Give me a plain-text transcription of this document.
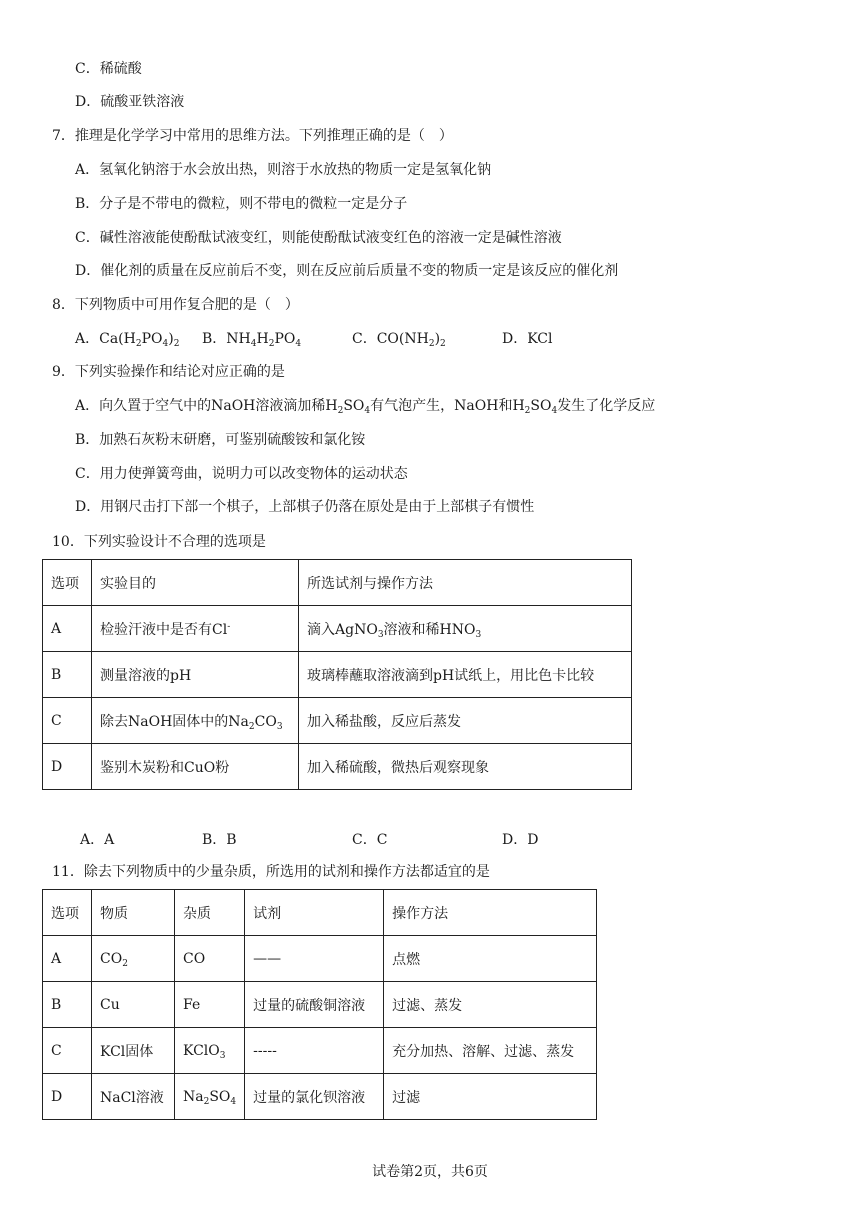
C．稀硫酸
D．硫酸亚铁溶液
7．推理是化学学习中常用的思维方法。下列推理正确的是（　）
A．氢氧化钠溶于水会放出热，则溶于水放热的物质一定是氢氧化钠
B．分子是不带电的微粒，则不带电的微粒一定是分子
C．碱性溶液能使酚酞试液变红，则能使酚酞试液变红色的溶液一定是碱性溶液
D．催化剂的质量在反应前后不变，则在反应前后质量不变的物质一定是该反应的催化剂
8．下列物质中可用作复合肥的是（　）
A．$Ca(H_2PO_4)_2$ B．$NH_4H_2PO_4$	C．$CO(NH_2)_2$	D．KCl
9．下列实验操作和结论对应正确的是
A．向久置于空气中的NaOH溶液滴加稀$H_2SO_4$有气泡产生，NaOH和$H_2SO_4$发生了化学反应
B．加熟石灰粉末研磨，可鉴别硫酸铵和氯化铵
C．用力使弹簧弯曲，说明力可以改变物体的运动状态
D．用钢尺击打下部一个棋子，上部棋子仍落在原处是由于上部棋子有惯性
10．下列实验设计不合理的选项是
选项	实验目的	所选试剂与操作方法
A	检验汗液中是否有Cl-	滴入AgNO$_3$溶液和稀$HNO_3$
B	测量溶液的pH	玻璃棒蘸取溶液滴到pH试纸上，用比色卡比较
C	除去NaOH固体中的$Na_2CO_3$	加入稀盐酸，反应后蒸发
D	鉴别木炭粉和CuO粉	加入稀硫酸，微热后观察现象
A．A	B．B	C．C	D．D
11．除去下列物质中的少量杂质，所选用的试剂和操作方法都适宜的是
选项	物质	杂质	试剂	操作方法
A	$CO_2$	CO	——	点燃
B	Cu	Fe	过量的硫酸铜溶液	过滤、蒸发
C	KCl固体	KClO$_3$	-----	充分加热、溶解、过滤、蒸发
D	NaCl溶液	$Na_2SO_4$	过量的氯化钡溶液	过滤
试卷第2页，共6页
